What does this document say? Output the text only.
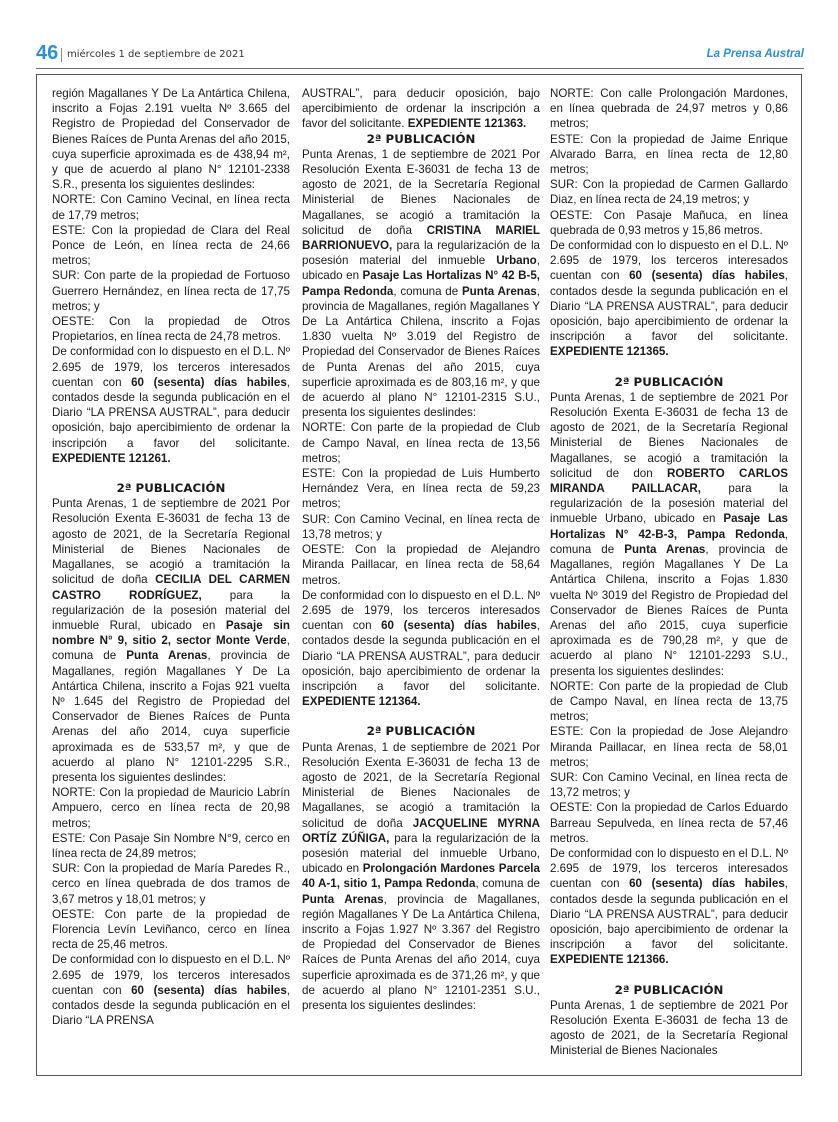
46 miércoles 1 de septiembre de 2021	La Prensa Austral

región Magallanes Y De La Antártica Chilena, inscrito a Fojas 2.191 vuelta Nº 3.665 del Registro de Propiedad del Conservador de Bienes Raíces de Punta Arenas del año 2015, cuya superficie aproximada es de 438,94 m², y que de acuerdo al plano N° 12101-2338 S.R., presenta los siguientes deslindes:

NORTE: Con Camino Vecinal, en línea recta de 17,79 metros;

ESTE: Con la propiedad de Clara del Real Ponce de León, en línea recta de 24,66 metros;

SUR: Con parte de la propiedad de Fortuoso Guerrero Hernández, en línea recta de 17,75 metros; y

OESTE: Con la propiedad de Otros Propietarios, en línea recta de 24,78 metros.

De conformidad con lo dispuesto en el D.L. Nº 2.695 de 1979, los terceros interesados cuentan con 60 (sesenta) días habiles, contados desde la segunda publicación en el Diario “LA PRENSA AUSTRAL”, para deducir oposición, bajo apercibimiento de ordenar la inscripción a favor del solicitante. EXPEDIENTE 121261.

2ª PUBLICACIÓN

Punta Arenas, 1 de septiembre de 2021 Por Resolución Exenta E-36031 de fecha 13 de agosto de 2021, de la Secretaría Regional Ministerial de Bienes Nacionales de Magallanes, se acogió a tramitación la solicitud de doña CECILIA DEL CARMEN CASTRO RODRÍGUEZ, para la regularización de la posesión material del inmueble Rural, ubicado en Pasaje sin nombre N° 9, sitio 2, sector Monte Verde, comuna de Punta Arenas, provincia de Magallanes, región Magallanes Y De La Antártica Chilena, inscrito a Fojas 921 vuelta Nº 1.645 del Registro de Propiedad del Conservador de Bienes Raíces de Punta Arenas del año 2014, cuya superficie aproximada es de 533,57 m², y que de acuerdo al plano N° 12101-2295 S.R., presenta los siguientes deslindes:

NORTE: Con la propiedad de Mauricio Labrín Ampuero, cerco en línea recta de 20,98 metros;

ESTE: Con Pasaje Sin Nombre N°9, cerco en línea recta de 24,89 metros;

SUR: Con la propiedad de María Paredes R., cerco en línea quebrada de dos tramos de 3,67 metros y 18,01 metros; y

OESTE: Con parte de la propiedad de Florencia Levín Leviñanco, cerco en línea recta de 25,46 metros.

De conformidad con lo dispuesto en el D.L. Nº 2.695 de 1979, los terceros interesados cuentan con 60 (sesenta) días habiles, contados desde la segunda publicación en el Diario “LA PRENSA

AUSTRAL”, para deducir oposición, bajo apercibimiento de ordenar la inscripción a favor del solicitante. EXPEDIENTE 121363.

2ª PUBLICACIÓN

Punta Arenas, 1 de septiembre de 2021 Por Resolución Exenta E-36031 de fecha 13 de agosto de 2021, de la Secretaría Regional Ministerial de Bienes Nacionales de Magallanes, se acogió a tramitación la solicitud de doña CRISTINA MARIEL BARRIONUEVO, para la regularización de la posesión material del inmueble Urbano, ubicado en Pasaje Las Hortalizas N° 42 B-5, Pampa Redonda, comuna de Punta Arenas, provincia de Magallanes, región Magallanes Y De La Antártica Chilena, inscrito a Fojas 1.830 vuelta Nº 3.019 del Registro de Propiedad del Conservador de Bienes Raíces de Punta Arenas del año 2015, cuya superficie aproximada es de 803,16 m², y que de acuerdo al plano N° 12101-2315 S.U., presenta los siguientes deslindes:

NORTE: Con parte de la propiedad de Club de Campo Naval, en línea recta de 13,56 metros;

ESTE: Con la propiedad de Luis Humberto Hernández Vera, en línea recta de 59,23 metros;

SUR: Con Camino Vecinal, en línea recta de 13,78 metros; y

OESTE: Con la propiedad de Alejandro Miranda Paillacar, en línea recta de 58,64 metros.

De conformidad con lo dispuesto en el D.L. Nº 2.695 de 1979, los terceros interesados cuentan con 60 (sesenta) días habiles, contados desde la segunda publicación en el Diario “LA PRENSA AUSTRAL”, para deducir oposición, bajo apercibimiento de ordenar la inscripción a favor del solicitante. EXPEDIENTE 121364.

2ª PUBLICACIÓN

Punta Arenas, 1 de septiembre de 2021 Por Resolución Exenta E-36031 de fecha 13 de agosto de 2021, de la Secretaría Regional Ministerial de Bienes Nacionales de Magallanes, se acogió a tramitación la solicitud de doña JACQUELINE MYRNA ORTÍZ ZÚÑIGA, para la regularización de la posesión material del inmueble Urbano, ubicado en Prolongación Mardones Parcela 40 A-1, sitio 1, Pampa Redonda, comuna de Punta Arenas, provincia de Magallanes, región Magallanes Y De La Antártica Chilena, inscrito a Fojas 1.927 Nº 3.367 del Registro de Propiedad del Conservador de Bienes Raíces de Punta Arenas del año 2014, cuya superficie aproximada es de 371,26 m², y que de acuerdo al plano N° 12101-2351 S.U., presenta los siguientes deslindes:

NORTE: Con calle Prolongación Mardones, en línea quebrada de 24,97 metros y 0,86 metros;

ESTE: Con la propiedad de Jaime Enrique Alvarado Barra, en línea recta de 12,80 metros;

SUR: Con la propiedad de Carmen Gallardo Diaz, en línea recta de 24,19 metros; y

OESTE: Con Pasaje Mañuca, en línea quebrada de 0,93 metros y 15,86 metros.

De conformidad con lo dispuesto en el D.L. Nº 2.695 de 1979, los terceros interesados cuentan con 60 (sesenta) días habiles, contados desde la segunda publicación en el Diario “LA PRENSA AUSTRAL”, para deducir oposición, bajo apercibimiento de ordenar la inscripción a favor del solicitante. EXPEDIENTE 121365.

2ª PUBLICACIÓN

Punta Arenas, 1 de septiembre de 2021 Por Resolución Exenta E-36031 de fecha 13 de agosto de 2021, de la Secretaría Regional Ministerial de Bienes Nacionales de Magallanes, se acogió a tramitación la solicitud de don ROBERTO CARLOS MIRANDA PAILLACAR, para la regularización de la posesión material del inmueble Urbano, ubicado en Pasaje Las Hortalizas N° 42-B-3, Pampa Redonda, comuna de Punta Arenas, provincia de Magallanes, región Magallanes Y De La Antártica Chilena, inscrito a Fojas 1.830 vuelta Nº 3019 del Registro de Propiedad del Conservador de Bienes Raíces de Punta Arenas del año 2015, cuya superficie aproximada es de 790,28 m², y que de acuerdo al plano N° 12101-2293 S.U., presenta los siguientes deslindes:

NORTE: Con parte de la propiedad de Club de Campo Naval, en línea recta de 13,75 metros;

ESTE: Con la propiedad de Jose Alejandro Miranda Paillacar, en línea recta de 58,01 metros;

SUR: Con Camino Vecinal, en línea recta de 13,72 metros; y

OESTE: Con la propiedad de Carlos Eduardo Barreau Sepulveda, en línea recta de 57,46 metros.

De conformidad con lo dispuesto en el D.L. Nº 2.695 de 1979, los terceros interesados cuentan con 60 (sesenta) días habiles, contados desde la segunda publicación en el Diario “LA PRENSA AUSTRAL”, para deducir oposición, bajo apercibimiento de ordenar la inscripción a favor del solicitante. EXPEDIENTE 121366.

2ª PUBLICACIÓN

Punta Arenas, 1 de septiembre de 2021 Por Resolución Exenta E-36031 de fecha 13 de agosto de 2021, de la Secretaría Regional Ministerial de Bienes Nacionales
